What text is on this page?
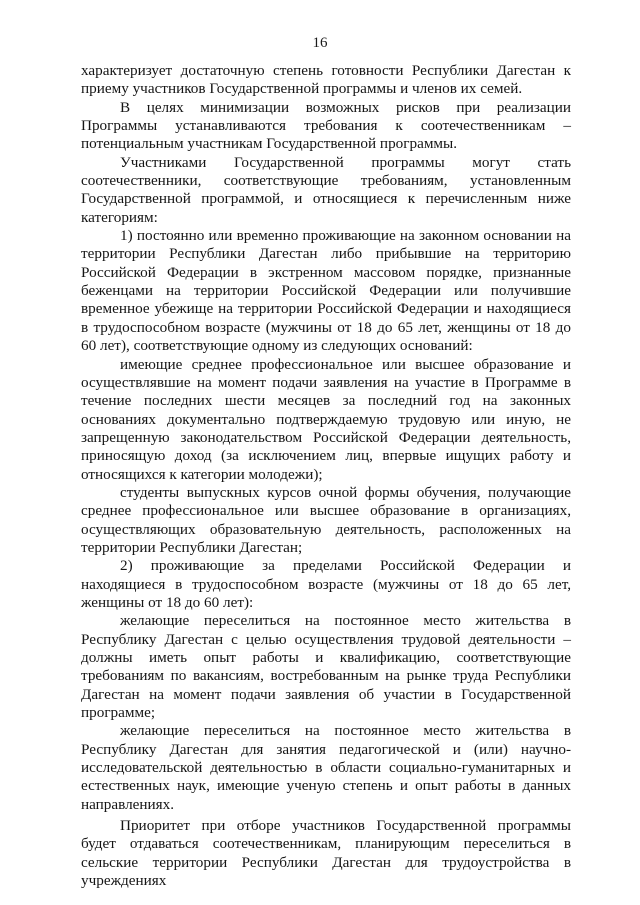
16

характеризует достаточную степень готовности Республики Дагестан к приему участников Государственной программы и членов их семей.

В целях минимизации возможных рисков при реализации Программы устанавливаются требования к соотечественникам – потенциальным участникам Государственной программы.

Участниками Государственной программы могут стать соотечественники, соответствующие требованиям, установленным Государственной программой, и относящиеся к перечисленным ниже категориям:

1) постоянно или временно проживающие на законном основании на территории Республики Дагестан либо прибывшие на территорию Российской Федерации в экстренном массовом порядке, признанные беженцами на территории Российской Федерации или получившие временное убежище на территории Российской Федерации и находящиеся в трудоспособном возрасте (мужчины от 18 до 65 лет, женщины от 18 до 60 лет), соответствующие одному из следующих оснований:

имеющие среднее профессиональное или высшее образование и осуществлявшие на момент подачи заявления на участие в Программе в течение последних шести месяцев за последний год на законных основаниях документально подтверждаемую трудовую или иную, не запрещенную законодательством Российской Федерации деятельность, приносящую доход (за исключением лиц, впервые ищущих работу и относящихся к категории молодежи);

студенты выпускных курсов очной формы обучения, получающие среднее профессиональное или высшее образование в организациях, осуществляющих образовательную деятельность, расположенных на территории Республики Дагестан;

2) проживающие за пределами Российской Федерации и находящиеся в трудоспособном возрасте (мужчины от 18 до 65 лет, женщины от 18 до 60 лет):

желающие переселиться на постоянное место жительства в Республику Дагестан с целью осуществления трудовой деятельности – должны иметь опыт работы и квалификацию, соответствующие требованиям по вакансиям, востребованным на рынке труда Республики Дагестан на момент подачи заявления об участии в Государственной программе;

желающие переселиться на постоянное место жительства в Республику Дагестан для занятия педагогической и (или) научно-исследовательской деятельностью в области социально-гуманитарных и естественных наук, имеющие ученую степень и опыт работы в данных направлениях.

Приоритет при отборе участников Государственной программы будет отдаваться соотечественникам, планирующим переселиться в сельские территории Республики Дагестан для трудоустройства в учреждениях
